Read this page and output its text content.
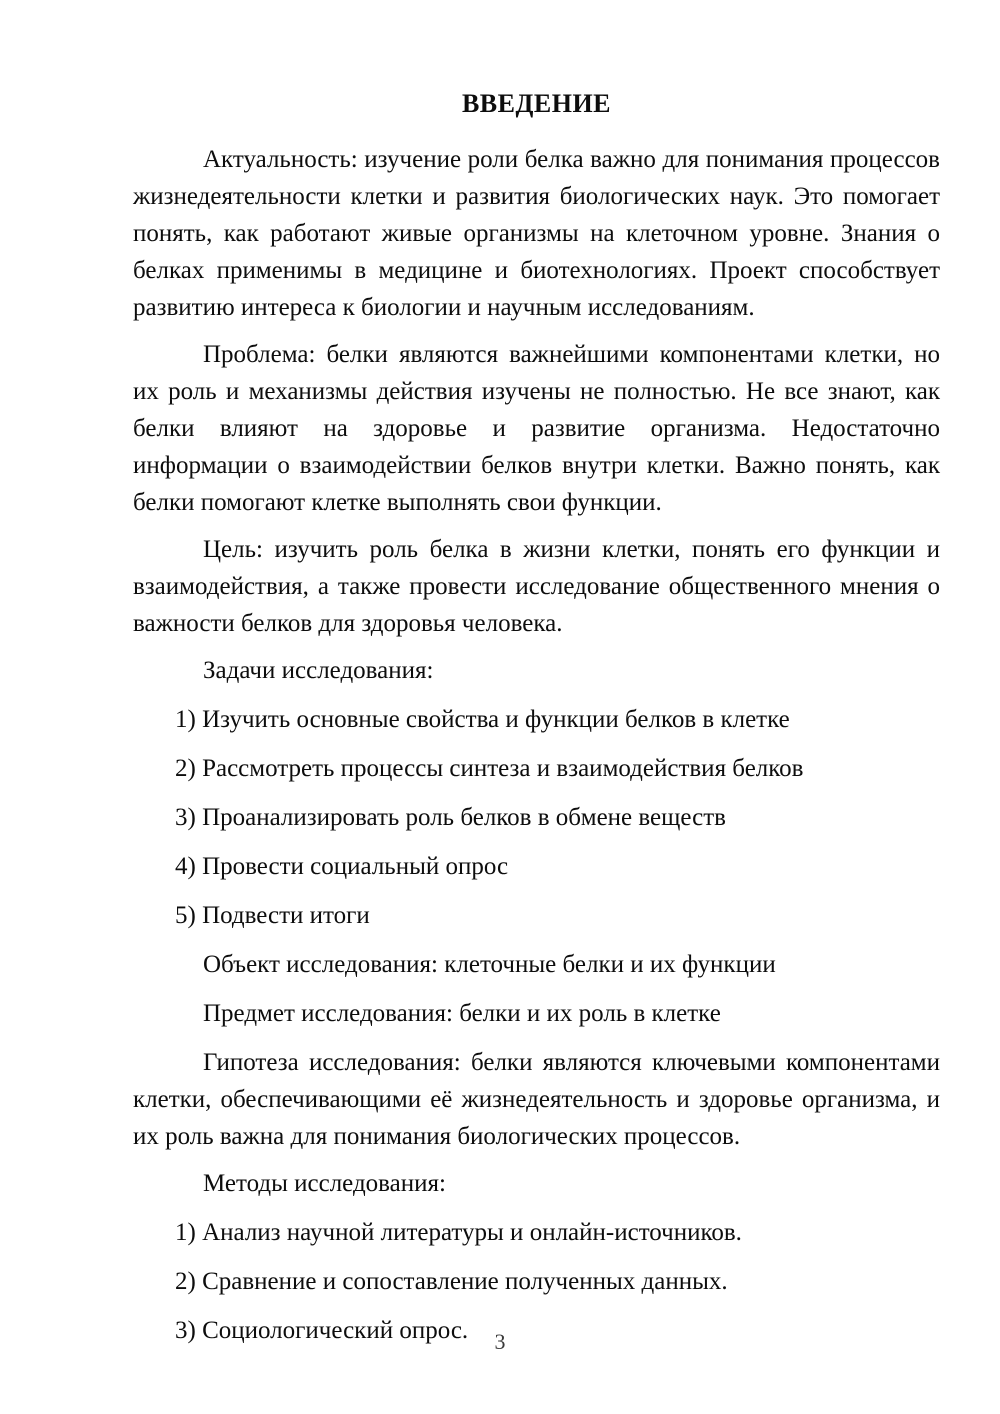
ВВЕДЕНИЕ

Актуальность: изучение роли белка важно для понимания процессов жизнедеятельности клетки и развития биологических наук. Это помогает понять, как работают живые организмы на клеточном уровне. Знания о белках применимы в медицине и биотехнологиях. Проект способствует развитию интереса к биологии и научным исследованиям.

Проблема: белки являются важнейшими компонентами клетки, но их роль и механизмы действия изучены не полностью. Не все знают, как белки влияют на здоровье и развитие организма. Недостаточно информации о взаимодействии белков внутри клетки. Важно понять, как белки помогают клетке выполнять свои функции.

Цель: изучить роль белка в жизни клетки, понять его функции и взаимодействия, а также провести исследование общественного мнения о важности белков для здоровья человека.

Задачи исследования:

1) Изучить основные свойства и функции белков в клетке

2) Рассмотреть процессы синтеза и взаимодействия белков

3) Проанализировать роль белков в обмене веществ

4) Провести социальный опрос

5) Подвести итоги

Объект исследования: клеточные белки и их функции

Предмет исследования: белки и их роль в клетке

Гипотеза исследования: белки являются ключевыми компонентами клетки, обеспечивающими её жизнедеятельность и здоровье организма, и их роль важна для понимания биологических процессов.

Методы исследования:

1) Анализ научной литературы и онлайн-источников.

2) Сравнение и сопоставление полученных данных.

3) Социологический опрос.	3
